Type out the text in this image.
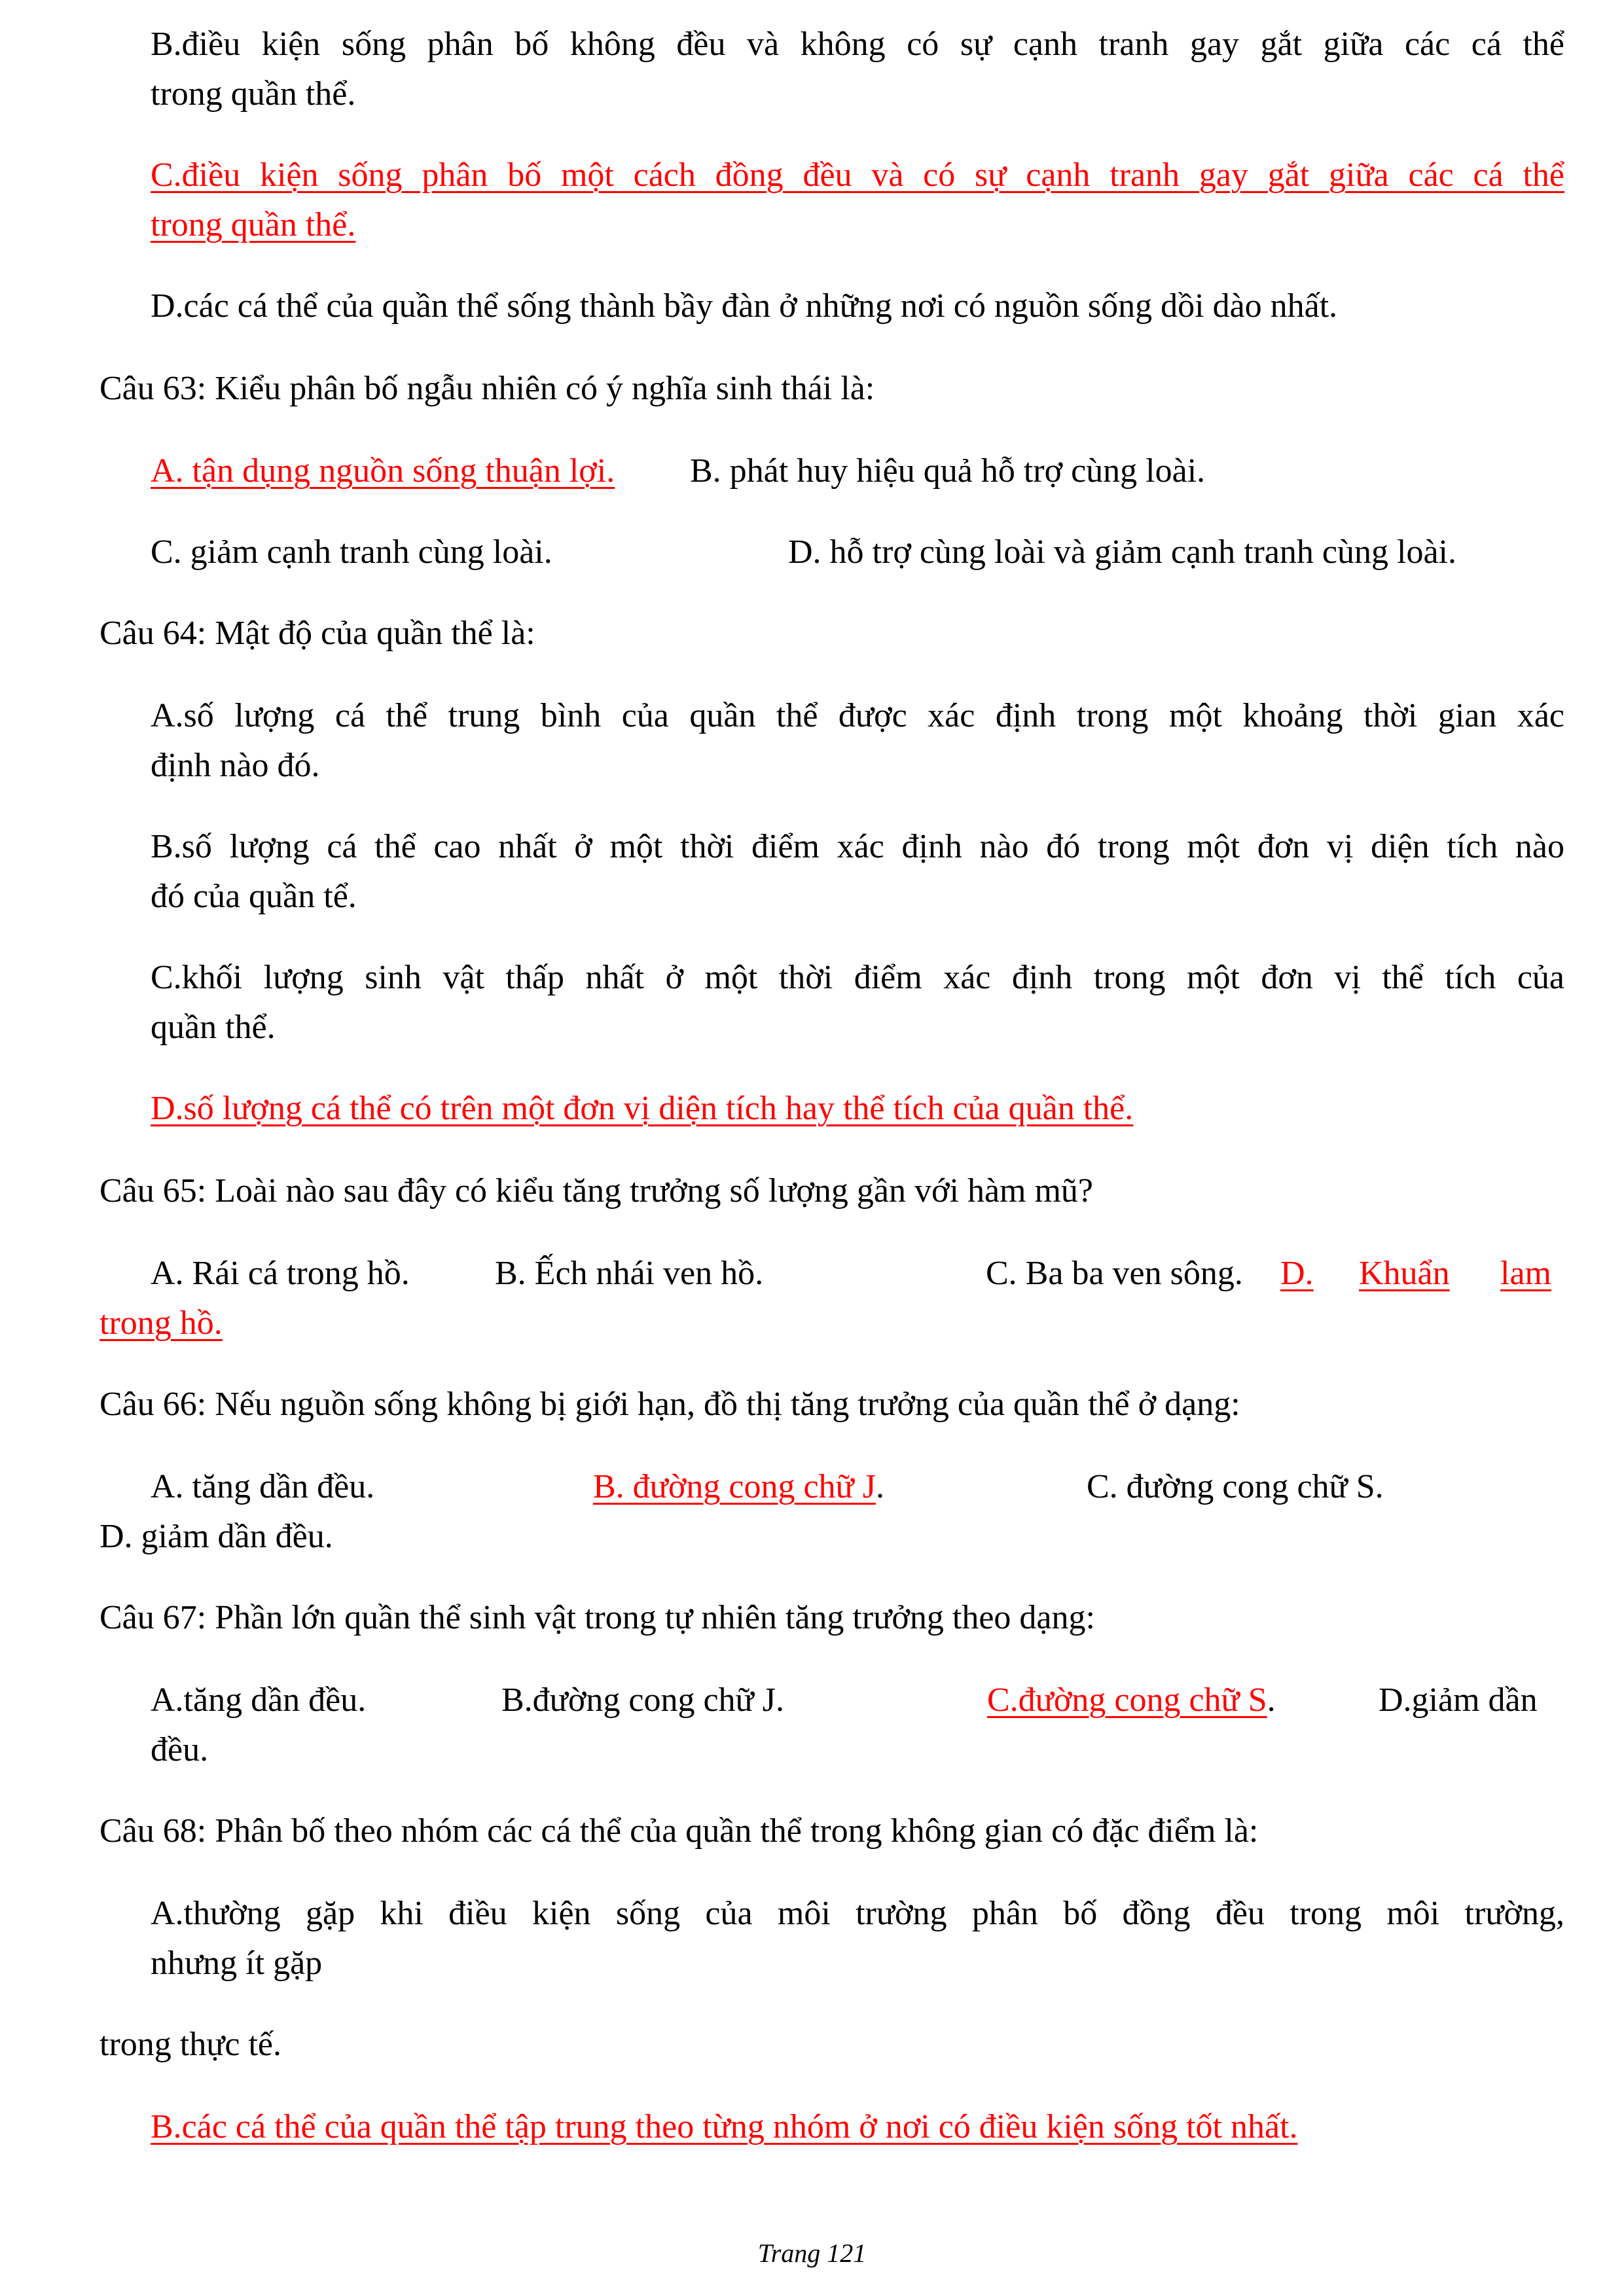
B.điều kiện sống phân bố không đều và không có sự cạnh tranh gay gắt giữa các cá thể

trong quần thể.

C.điều kiện sống phân bố một cách đồng đều và có sự cạnh tranh gay gắt giữa các cá thể

trong quần thể.

D.các cá thể của quần thể sống thành bầy đàn ở những nơi có nguồn sống dồi dào nhất.

Câu 63: Kiểu phân bố ngẫu nhiên có ý nghĩa sinh thái là:

A. tận dụng nguồn sống thuận lợi. B. phát huy hiệu quả hỗ trợ cùng loài.

C. giảm cạnh tranh cùng loài.	D. hỗ trợ cùng loài và giảm cạnh tranh cùng loài.

Câu 64: Mật độ của quần thể là:

A.số lượng cá thể trung bình của quần thể được xác định trong một khoảng thời gian xác

định nào đó.

B.số lượng cá thể cao nhất ở một thời điểm xác định nào đó trong một đơn vị diện tích nào

đó của quần tể.

C.khối lượng sinh vật thấp nhất ở một thời điểm xác định trong một đơn vị thể tích của

quần thể.

D.số lượng cá thể có trên một đơn vị diện tích hay thể tích của quần thể.

Câu 65: Loài nào sau đây có kiểu tăng trưởng số lượng gần với hàm mũ?

A. Rái cá trong hồ.	B. Ếch nhái ven hồ.	C. Ba ba ven sông. D. Khuẩn lam

trong hồ.

Câu 66: Nếu nguồn sống không bị giới hạn, đồ thị tăng trưởng của quần thể ở dạng:

A. tăng dần đều.	B. đường cong chữ J.	C. đường cong chữ S.

D. giảm dần đều.

Câu 67: Phần lớn quần thể sinh vật trong tự nhiên tăng trưởng theo dạng:

A.tăng dần đều.	B.đường cong chữ J.	C.đường cong chữ S.	D.giảm dần

đều.

Câu 68: Phân bố theo nhóm các cá thể của quần thể trong không gian có đặc điểm là:

A.thường gặp khi điều kiện sống của môi trường phân bố đồng đều trong môi trường,

nhưng ít gặp

trong thực tế.

B.các cá thể của quần thể tập trung theo từng nhóm ở nơi có điều kiện sống tốt nhất.

Trang 121
